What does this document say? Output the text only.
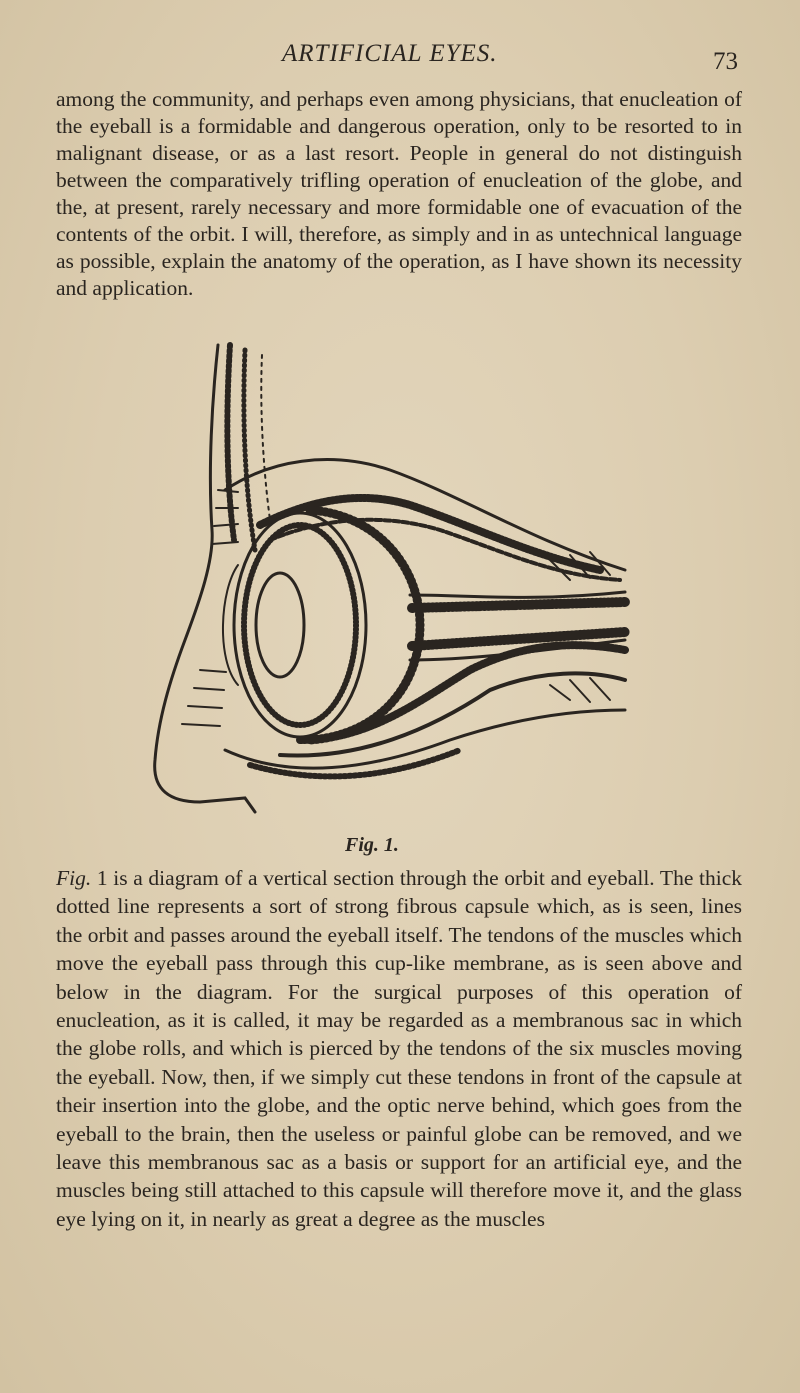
ARTIFICIAL EYES.	73

among the community, and perhaps even among physicians, that enucleation of the eyeball is a formidable and dangerous operation, only to be resorted to in malignant disease, or as a last resort. People in general do not distinguish between the comparatively trifling operation of enucleation of the globe, and the, at present, rarely necessary and more formidable one of evacuation of the contents of the orbit. I will, therefore, as simply and in as untechnical language as possible, explain the anatomy of the operation, as I have shown its necessity and application.

Fig. 1.

Fig. 1 is a diagram of a vertical section through the orbit and eyeball. The thick dotted line represents a sort of strong fibrous capsule which, as is seen, lines the orbit and passes around the eyeball itself. The tendons of the muscles which move the eyeball pass through this cup-like membrane, as is seen above and below in the diagram. For the surgical purposes of this operation of enucleation, as it is called, it may be regarded as a membranous sac in which the globe rolls, and which is pierced by the tendons of the six muscles moving the eyeball. Now, then, if we simply cut these tendons in front of the capsule at their insertion into the globe, and the optic nerve behind, which goes from the eyeball to the brain, then the useless or painful globe can be removed, and we leave this membranous sac as a basis or support for an artificial eye, and the muscles being still attached to this capsule will therefore move it, and the glass eye lying on it, in nearly as great a degree as the muscles
